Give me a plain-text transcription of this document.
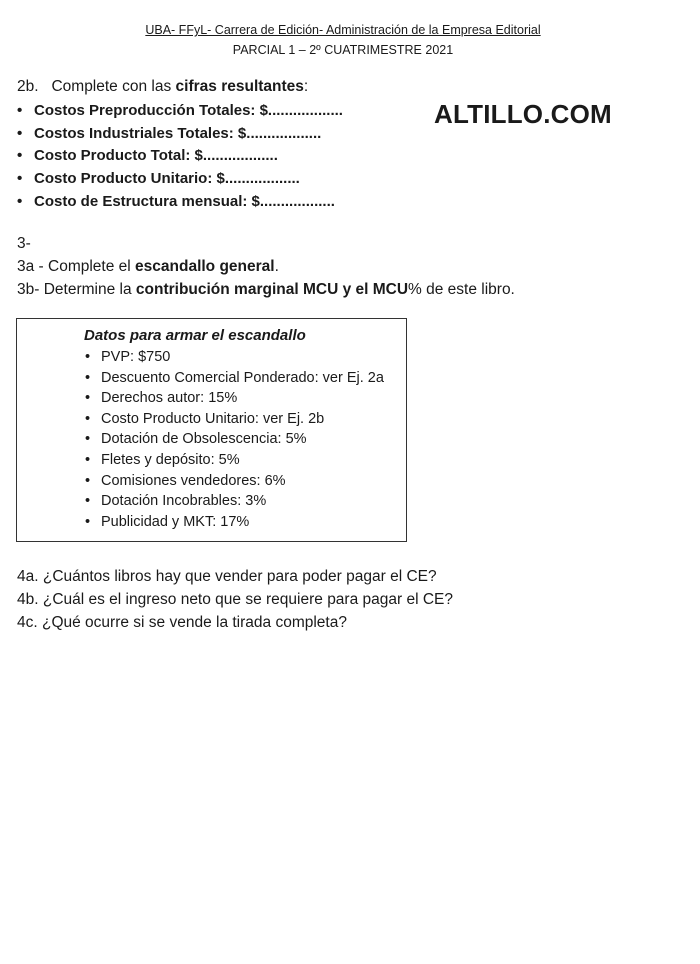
UBA- FFyL- Carrera de Edición- Administración de la Empresa Editorial
PARCIAL 1 – 2º CUATRIMESTRE 2021
ALTILLO.COM
2b.   Complete con las cifras resultantes:
• Costos Preproducción Totales: $..................
• Costos Industriales Totales: $..................
• Costo Producto Total: $..................
• Costo Producto Unitario: $..................
• Costo de Estructura mensual: $..................
3-
3a - Complete el escandallo general.
3b- Determine la contribución marginal MCU y el MCU% de este libro.
Datos para armar el escandallo
• PVP: $750
• Descuento Comercial Ponderado: ver Ej. 2a
• Derechos autor: 15%
• Costo Producto Unitario: ver Ej. 2b
• Dotación de Obsolescencia: 5%
• Fletes y depósito: 5%
• Comisiones vendedores: 6%
• Dotación Incobrables: 3%
• Publicidad y MKT: 17%
4a. ¿Cuántos libros hay que vender para poder pagar el CE?
4b. ¿Cuál es el ingreso neto que se requiere para pagar el CE?
4c. ¿Qué ocurre si se vende la tirada completa?
